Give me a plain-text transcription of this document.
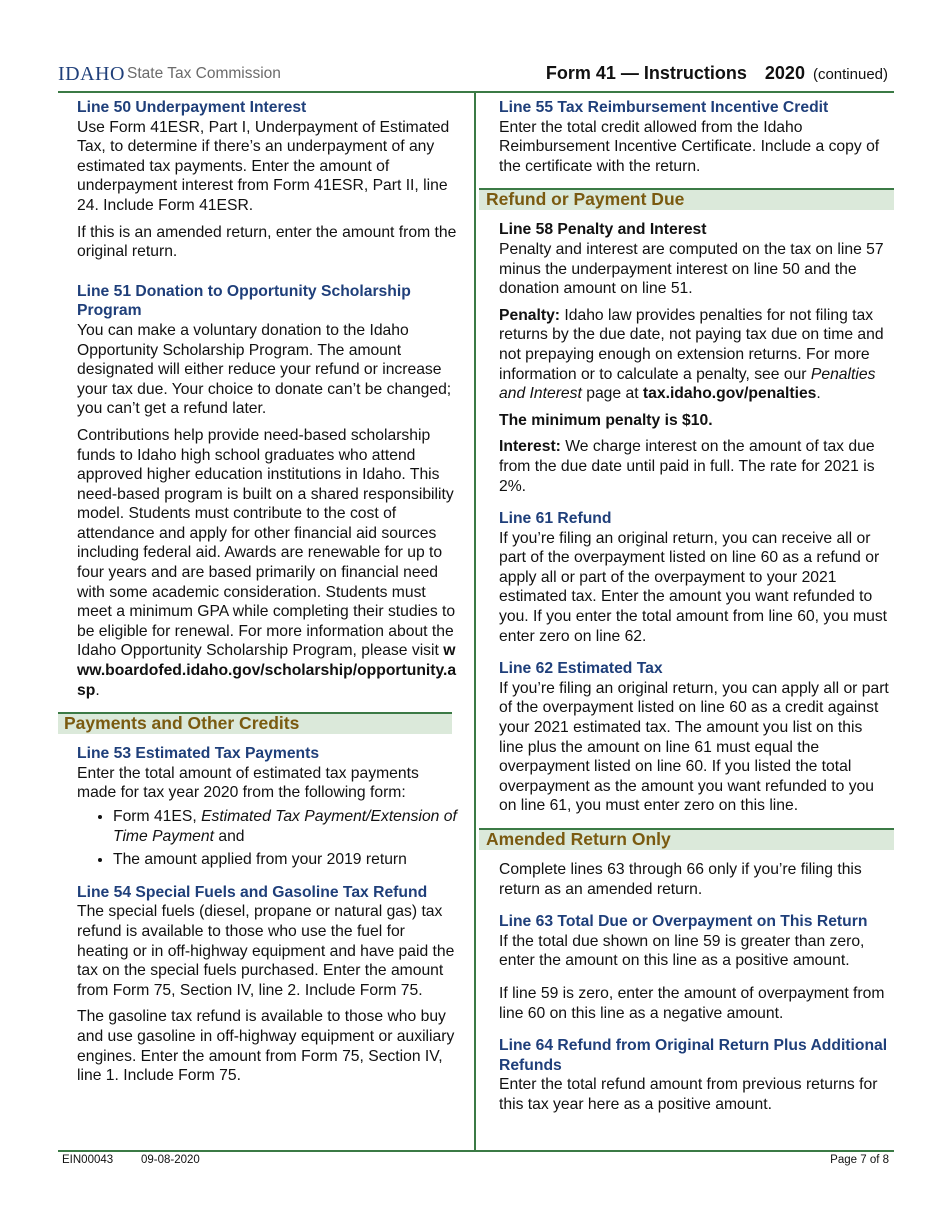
IDAHO State Tax Commission	Form 41 — Instructions 2020 (continued)
Line 50 Underpayment Interest

Use Form 41ESR, Part I, Underpayment of Estimated Tax, to determine if there’s an underpayment of any estimated tax payments. Enter the amount of underpayment interest from Form 41ESR, Part II, line 24. Include Form 41ESR.

If this is an amended return, enter the amount from the original return.

Line 51 Donation to Opportunity Scholarship Program

You can make a voluntary donation to the Idaho Opportunity Scholarship Program. The amount designated will either reduce your refund or increase your tax due. Your choice to donate can’t be changed; you can’t get a refund later.

Contributions help provide need-based scholarship funds to Idaho high school graduates who attend approved higher education institutions in Idaho. This need-based program is built on a shared responsibility model. Students must contribute to the cost of attendance and apply for other financial aid sources including federal aid. Awards are renewable for up to four years and are based primarily on financial need with some academic consideration. Students must meet a minimum GPA while completing their studies to be eligible for renewal. For more information about the Idaho Opportunity Scholarship Program, please visit www.boardofed.idaho.gov/scholarship/opportunity.asp.

Payments and Other Credits
Line 53 Estimated Tax Payments

Enter the total amount of estimated tax payments made for tax year 2020 from the following form:

• Form 41ES, Estimated Tax Payment/Extension of Time Payment and
• The amount applied from your 2019 return
Line 54 Special Fuels and Gasoline Tax Refund

The special fuels (diesel, propane or natural gas) tax refund is available to those who use the fuel for heating or in off-highway equipment and have paid the tax on the special fuels purchased. Enter the amount from Form 75, Section IV, line 2. Include Form 75.

The gasoline tax refund is available to those who buy and use gasoline in off-highway equipment or auxiliary engines. Enter the amount from Form 75, Section IV, line 1. Include Form 75.

Line 55 Tax Reimbursement Incentive Credit

Enter the total credit allowed from the Idaho Reimbursement Incentive Certificate. Include a copy of the certificate with the return.

Refund or Payment Due
Line 58 Penalty and Interest

Penalty and interest are computed on the tax on line 57 minus the underpayment interest on line 50 and the donation amount on line 51.

Penalty: Idaho law provides penalties for not filing tax returns by the due date, not paying tax due on time and not prepaying enough on extension returns. For more information or to calculate a penalty, see our Penalties and Interest page at tax.idaho.gov/penalties.

The minimum penalty is $10.

Interest: We charge interest on the amount of tax due from the due date until paid in full. The rate for 2021 is 2%.

Line 61 Refund

If you’re filing an original return, you can receive all or part of the overpayment listed on line 60 as a refund or apply all or part of the overpayment to your 2021 estimated tax. Enter the amount you want refunded to you. If you enter the total amount from line 60, you must enter zero on line 62.

Line 62 Estimated Tax

If you’re filing an original return, you can apply all or part of the overpayment listed on line 60 as a credit against your 2021 estimated tax. The amount you list on this line plus the amount on line 61 must equal the overpayment listed on line 60. If you listed the total overpayment as the amount you want refunded to you on line 61, you must enter zero on this line.

Amended Return Only

Complete lines 63 through 66 only if you’re filing this return as an amended return.

Line 63 Total Due or Overpayment on This Return

If the total due shown on line 59 is greater than zero, enter the amount on this line as a positive amount.

If line 59 is zero, enter the amount of overpayment from line 60 on this line as a negative amount.

Line 64 Refund from Original Return Plus Additional Refunds

Enter the total refund amount from previous returns for this tax year here as a positive amount.

EIN00043 09-08-2020	Page 7 of 8
